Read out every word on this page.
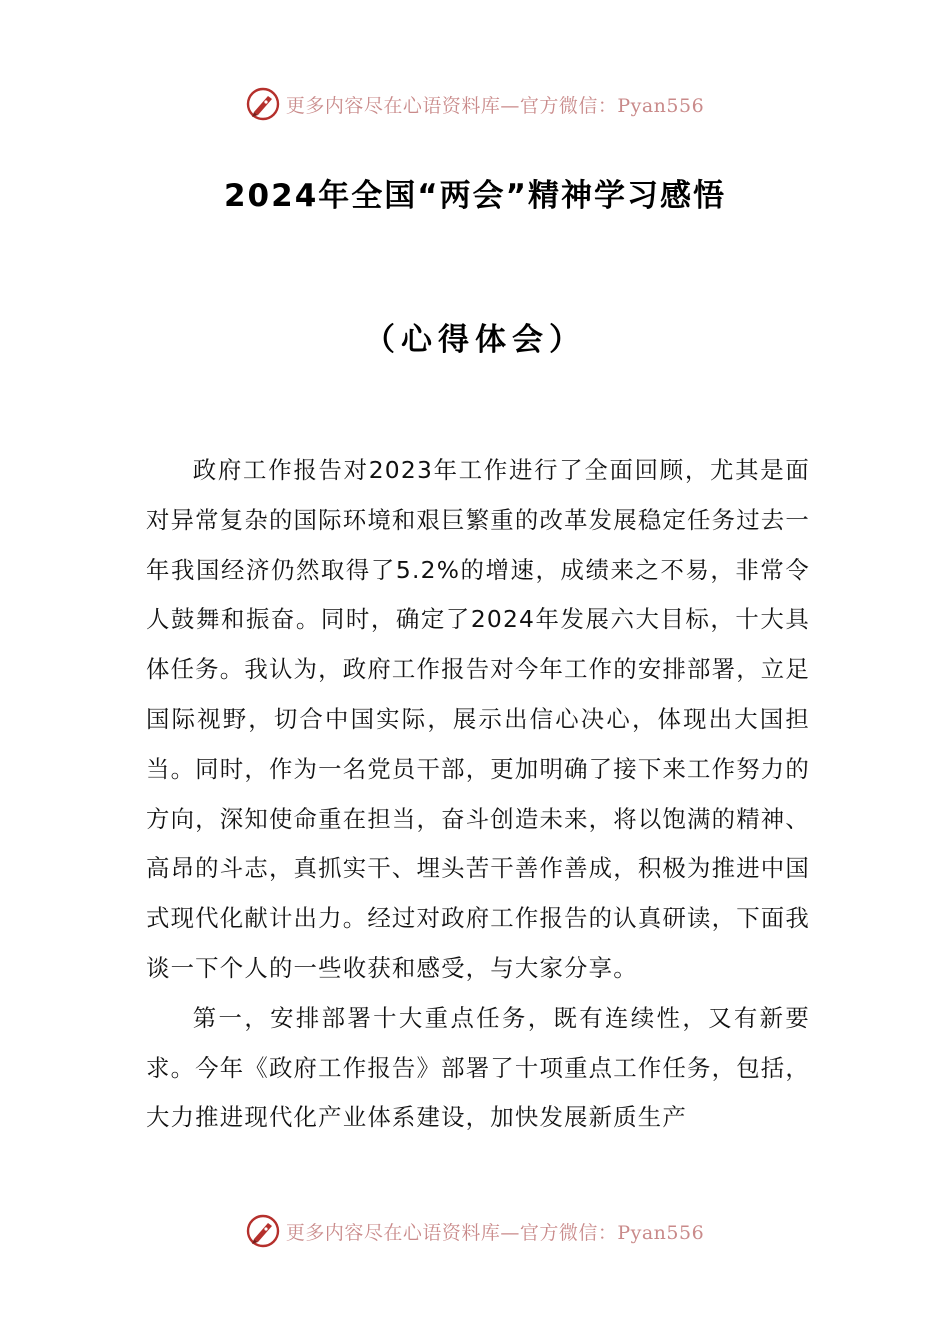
更多内容尽在心语资料库—官方微信：Pyan556
2024年全国“两会”精神学习感悟
（心得体会）

政府工作报告对2023年工作进行了全面回顾，尤其是面对异常复杂的国际环境和艰巨繁重的改革发展稳定任务过去一年我国经济仍然取得了5.2%的增速，成绩来之不易，非常令人鼓舞和振奋。同时，确定了2024年发展六大目标，十大具体任务。我认为，政府工作报告对今年工作的安排部署，立足国际视野，切合中国实际，展示出信心决心，体现出大国担当。同时，作为一名党员干部，更加明确了接下来工作努力的方向，深知使命重在担当，奋斗创造未来，将以饱满的精神、高昂的斗志，真抓实干、埋头苦干善作善成，积极为推进中国式现代化献计出力。经过对政府工作报告的认真研读，下面我谈一下个人的一些收获和感受，与大家分享。

第一，安排部署十大重点任务，既有连续性，又有新要求。今年《政府工作报告》部署了十项重点工作任务，包括，大力推进现代化产业体系建设，加快发展新质生产

更多内容尽在心语资料库—官方微信：Pyan556
